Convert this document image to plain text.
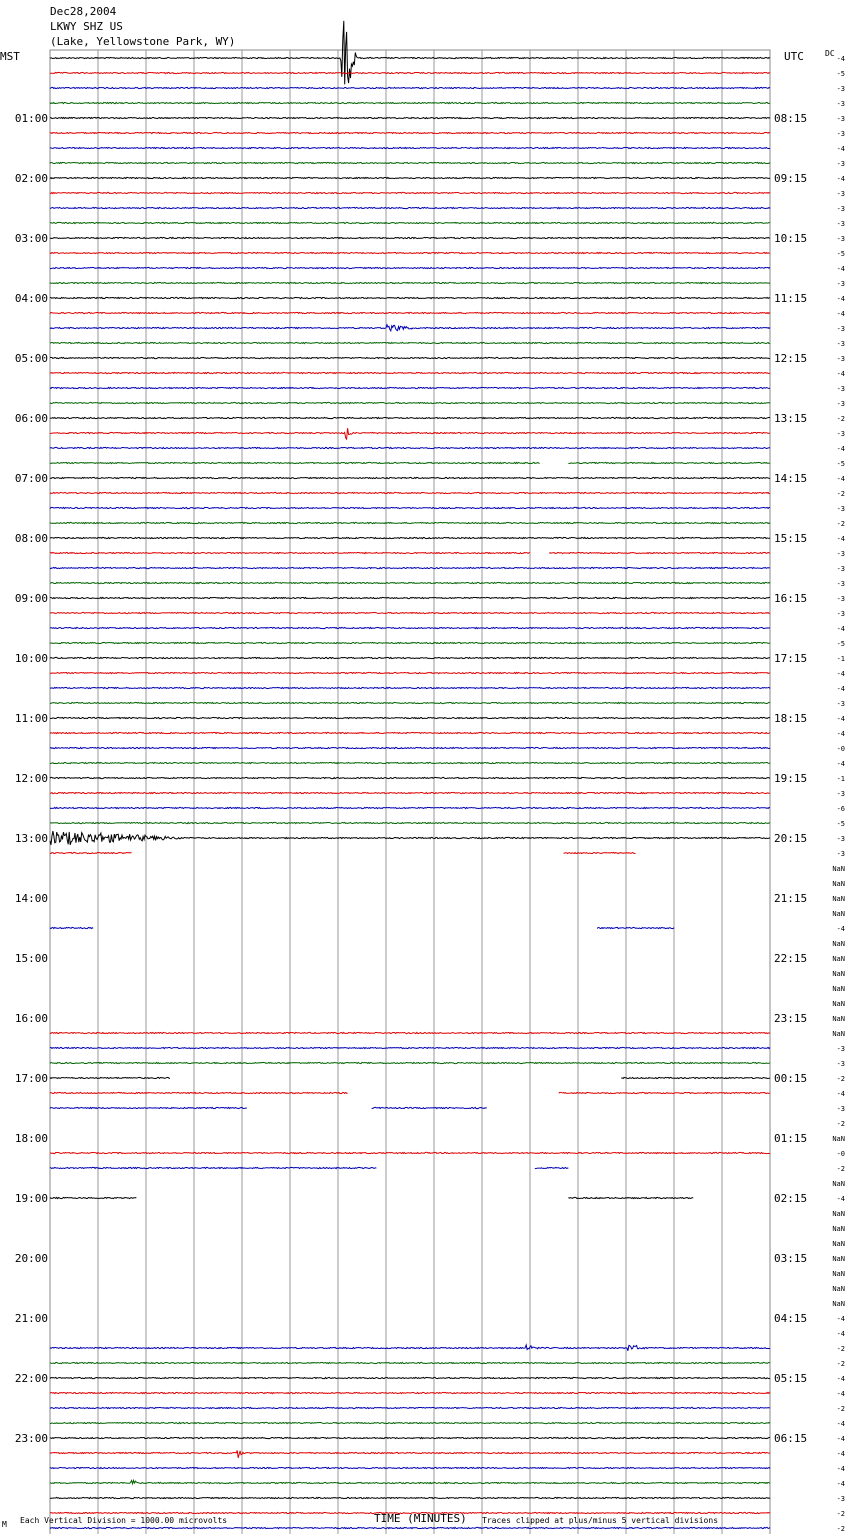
Dec28,2004
LKWY SHZ US
(Lake, Yellowstone Park, WY)
MST	UTC	DC
01:00	08:15
02:00	09:15
03:00	10:15
04:00	11:15
05:00	12:15
06:00	13:15
07:00	14:15
08:00	15:15
09:00	16:15
10:00	17:15
11:00	18:15
12:00	19:15
13:00	20:15
14:00	21:15
15:00	22:15
16:00	23:15
17:00	00:15
18:00	01:15
19:00	02:15
20:00	03:15
21:00	04:15
22:00	05:15
23:00	06:15
-4
-5
-3
-3
-3
-3
-4
-3
-4
-3
-3
-3
-3
-5
-4
-3
-4
-4
-3
-3
-3
-4
-3
-3
-2
-3
-4
-5
-4
-2
-3
-2
-4
-3
-3
-3
-3
-3
-4
-5
-1
-4
-4
-3
-4
-4
-0
-4
-1
-3
-6
-5
-3
-3
NaN
NaN
NaN
NaN
-4
NaN
NaN
NaN
NaN
NaN
NaN
NaN
-3
-3
-2
-4
-3
-2
NaN
-0
-2
NaN
-4
NaN
NaN
NaN
NaN
NaN
NaN
NaN
-4
-4
-2
-2
-4
-4
-2
-4
-4
-4
-4
-4
-3
-2
-2
TIME (MINUTES)
M Each Vertical Division = 1000.00 microvolts	Traces clipped at plus/minus 5 vertical divisions
